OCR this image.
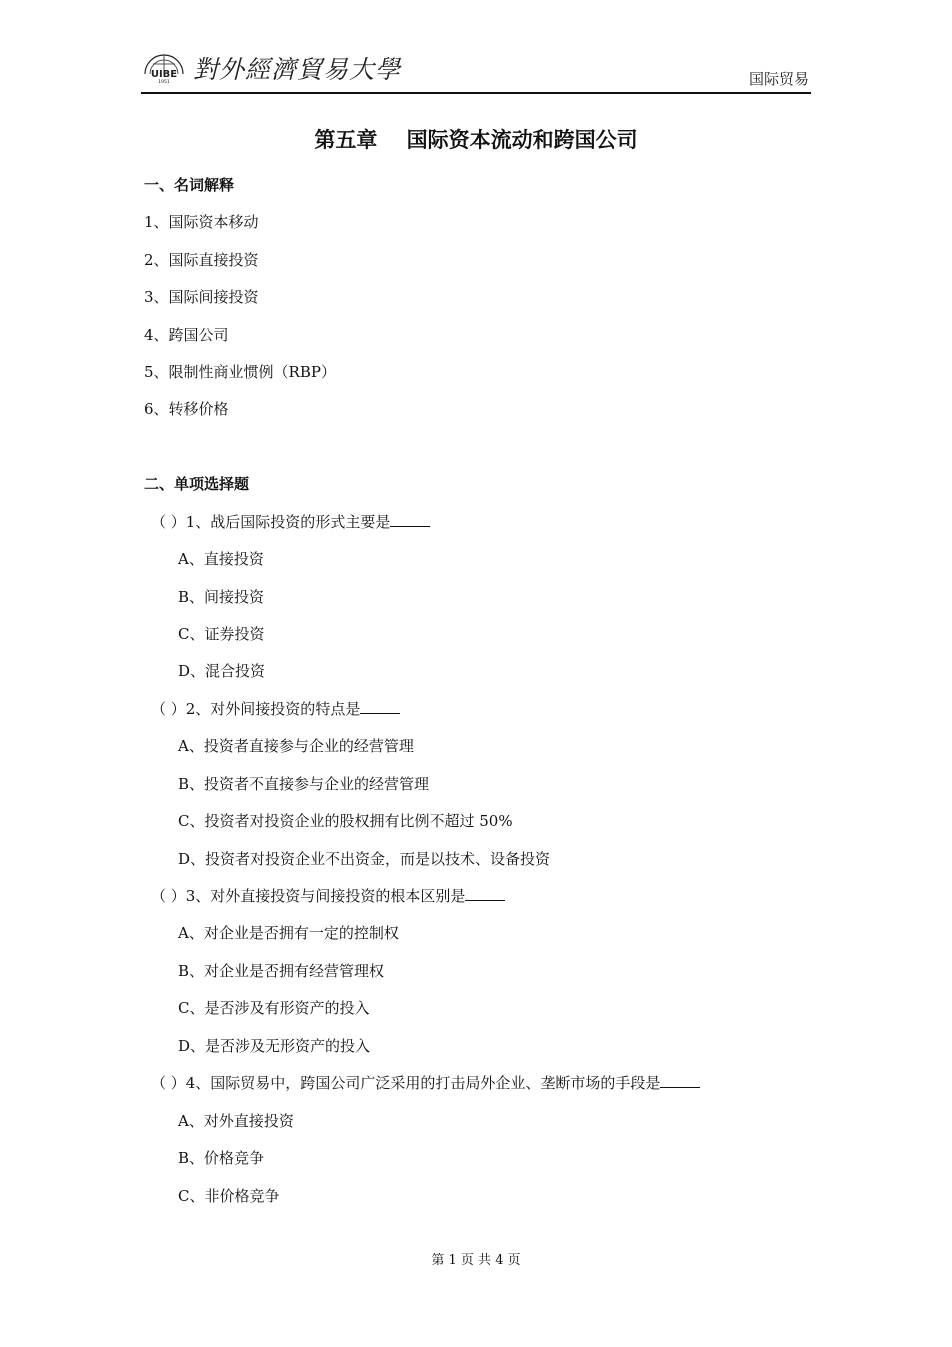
UIBE
1951 對外經濟貿易大學	国际贸易
第五章    国际资本流动和跨国公司
一、名词解释
1、国际资本移动
2、国际直接投资
3、国际间接投资
4、跨国公司
5、限制性商业惯例（RBP）
6、转移价格
二、单项选择题
（ ）1、战后国际投资的形式主要是
A、直接投资
B、间接投资
C、证券投资
D、混合投资
（ ）2、对外间接投资的特点是
A、投资者直接参与企业的经营管理
B、投资者不直接参与企业的经营管理
C、投资者对投资企业的股权拥有比例不超过 50%
D、投资者对投资企业不出资金，而是以技术、设备投资
（ ）3、对外直接投资与间接投资的根本区别是
A、对企业是否拥有一定的控制权
B、对企业是否拥有经营管理权
C、是否涉及有形资产的投入
D、是否涉及无形资产的投入
（ ）4、国际贸易中，跨国公司广泛采用的打击局外企业、垄断市场的手段是
A、对外直接投资
B、价格竞争
C、非价格竞争
第 1 页 共 4 页
